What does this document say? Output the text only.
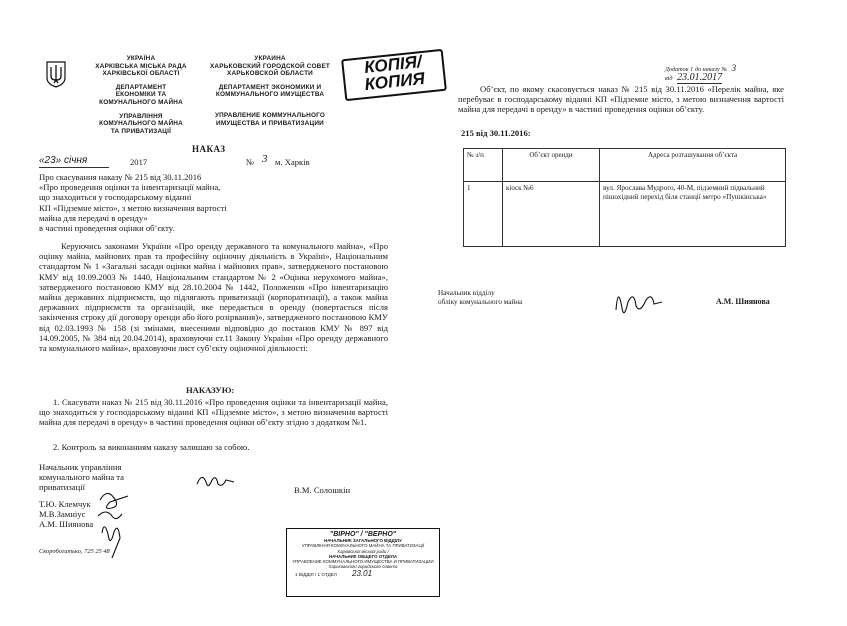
УКРАЇНА
ХАРКІВСЬКА МІСЬКА РАДА
ХАРКІВСЬКОЇ ОБЛАСТІ
ДЕПАРТАМЕНТ
ЕКОНОМІКИ ТА
КОМУНАЛЬНОГО МАЙНА
УПРАВЛІННЯ
КОМУНАЛЬНОГО МАЙНА
ТА ПРИВАТИЗАЦІЇ
УКРАИНА
ХАРЬКОВСКИЙ ГОРОДСКОЙ СОВЕТ
ХАРЬКОВСКОЙ ОБЛАСТИ
ДЕПАРТАМЕНТ ЭКОНОМИКИ И
КОММУНАЛЬНОГО ИМУЩЕСТВА
УПРАВЛЕНИЕ КОММУНАЛЬНОГО
ИМУЩЕСТВА И ПРИВАТИЗАЦИИ
КОПІЯ/ КОПИЯ
НАКАЗ
«23» січня	2017	№ 3 м. Харків
Про скасування наказу № 215 від 30.11.2016
«Про проведення оцінки та інвентаризації майна,
що знаходиться у господарському віданні
КП «Підземне місто», з метою визначення вартості
майна для передачі в оренду»
в частині проведення оцінки об’єкту.
Керуючись законами України «Про оренду державного та комунального майна», «Про оцінку майна, майнових прав та професійну оціночну діяльність в Україні», Національним стандартом № 1 «Загальні засади оцінки майна і майнових прав», затвердженого постановою КМУ від 10.09.2003 № 1440, Національним стандартом № 2 «Оцінка нерухомого майна», затвердженого постановою КМУ від 28.10.2004 № 1442, Положення «Про інвентаризацію майна державних підприємств, що підлягають приватизації (корпоратизації), а також майна державних підприємств та організацій, яке передається в оренду (повертається після закінчення строку дії договору оренди або його розірвання)», затвердженого постановою КМУ від 02.03.1993 № 158 (зі змінами, внесеними відповідно до постанов КМУ № 897 від 14.09.2005, № 384 від 20.04.2014), враховуючи ст.11 Закону України «Про оренду державного та комунального майна», враховуючи лист суб’єкту оціночної діяльності:
НАКАЗУЮ:
1. Скасувати наказ № 215 від 30.11.2016 «Про проведення оцінки та інвентаризації майна, що знаходиться у господарському віданні КП «Підземне місто», з метою визначення вартості майна для передачі в оренду» в частині проведення оцінки об’єкту згідно з додатком №1.
2. Контроль за виконанням наказу залишаю за собою.
Начальник управління
комунального майна та
приватизації	В.М. Солошкін
Т.Ю. Клемчук
М.В.Замніус
А.М. Шиянова
Скоробогатько, 725 25 48
Додаток 1 до наказу № 3
від 23.01.2017
Об’єкт, по якому скасовується наказ № 215 від 30.11.2016 «Перелік майна, яке перебуває в господарському віданні КП «Підземне місто, з метою визначення вартості майна для передачі в оренду» в частині проведення оцінки об’єкту.
215 від 30.11.2016:
№ з/п	Об’єкт оренди	Адреса розташування об’єкта
1	кіоск №6	вул. Ярослава Мудрого, 40-М, підземний підвальний пішохідний перехід біля станції метро «Пушкінська»
Начальник відділу
обліку комунального майна	А.М. Шиянова
"ВІРНО" / "ВЕРНО"
НАЧАЛЬНИК ЗАГАЛЬНОГО ВІДДІЛУ
УПРАВЛІННЯ КОМУНАЛЬНОГО МАЙНА ТА ПРИВАТИЗАЦІЇ
Харківської міської ради /
НАЧАЛЬНИК ОБЩЕГО ОТДЕЛА
УПРАВЛЕНИЕ КОММУНАЛЬНОГО ИМУЩЕСТВА И ПРИВАТИЗАЦИИ
Харьковского городского совета
1 ВІДДІЛ / 1 ОТДЕЛ 23.01
